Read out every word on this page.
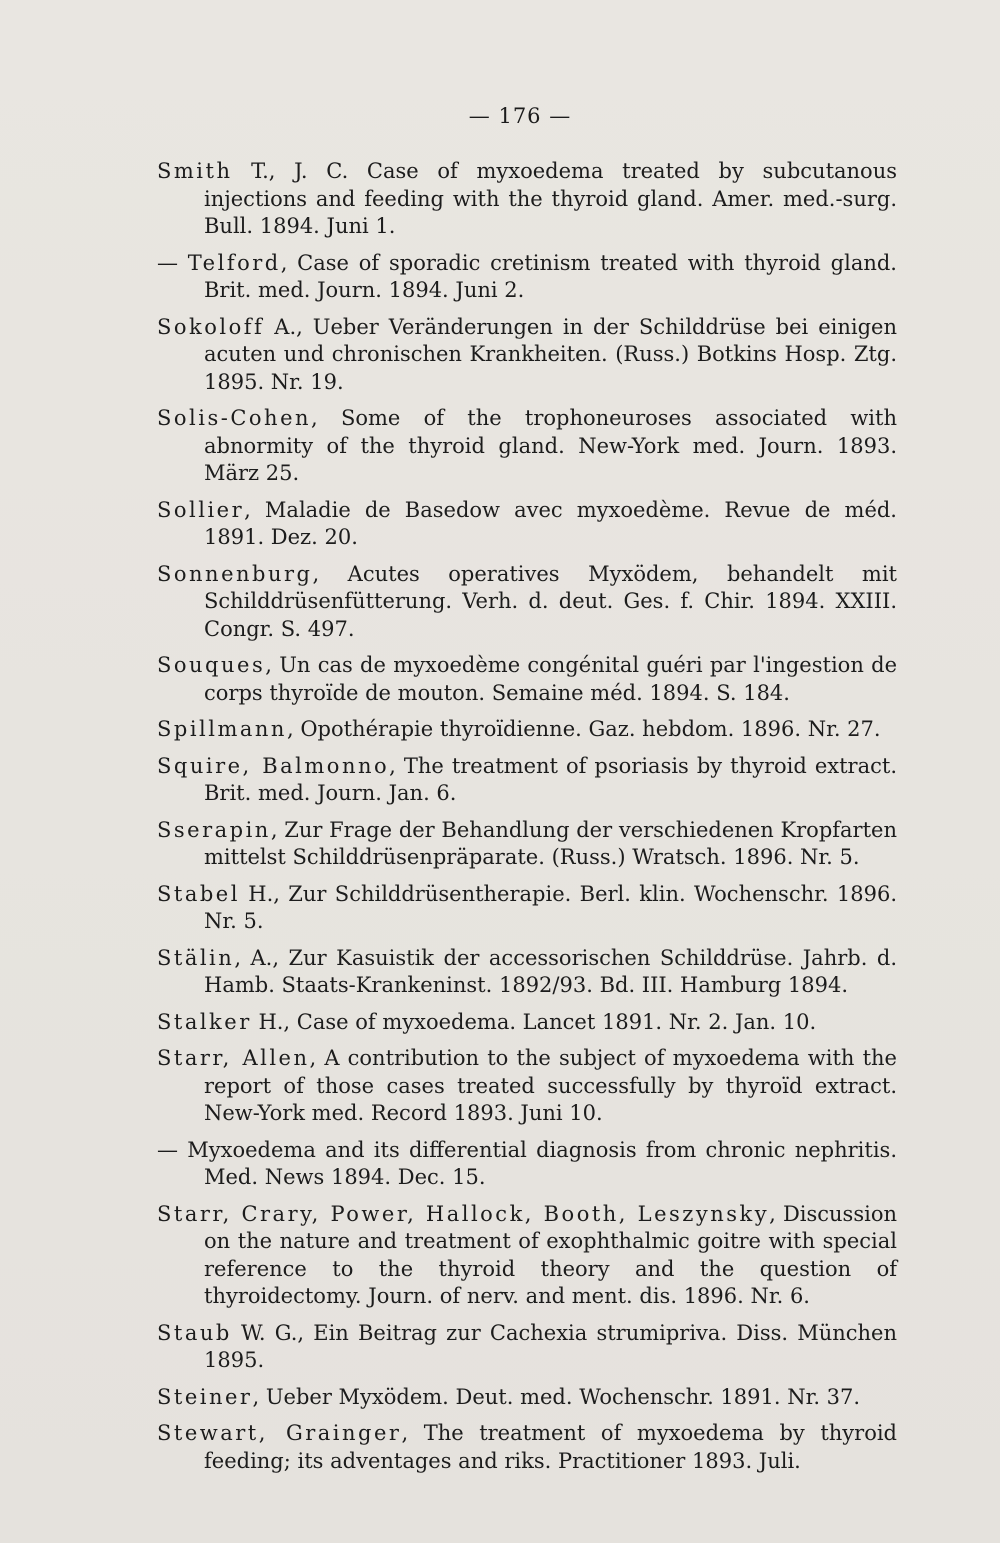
— 176 —

Smith T., J. C. Case of myxoedema treated by subcutanous injections and feeding with the thyroid gland. Amer. med.-surg. Bull. 1894. Juni 1.

— Telford, Case of sporadic cretinism treated with thyroid gland. Brit. med. Journ. 1894. Juni 2.

Sokoloff A., Ueber Veränderungen in der Schilddrüse bei einigen acuten und chronischen Krankheiten. (Russ.) Botkins Hosp. Ztg. 1895. Nr. 19.

Solis-Cohen, Some of the trophoneuroses associated with abnormity of the thyroid gland. New-York med. Journ. 1893. März 25.

Sollier, Maladie de Basedow avec myxoedème. Revue de méd. 1891. Dez. 20.

Sonnenburg, Acutes operatives Myxödem, behandelt mit Schilddrüsenfütterung. Verh. d. deut. Ges. f. Chir. 1894. XXIII. Congr. S. 497.

Souques, Un cas de myxoedème congénital guéri par l'ingestion de corps thyroïde de mouton. Semaine méd. 1894. S. 184.

Spillmann, Opothérapie thyroïdienne. Gaz. hebdom. 1896. Nr. 27.

Squire, Balmonno, The treatment of psoriasis by thyroid extract. Brit. med. Journ. Jan. 6.

Sserapin, Zur Frage der Behandlung der verschiedenen Kropfarten mittelst Schilddrüsenpräparate. (Russ.) Wratsch. 1896. Nr. 5.

Stabel H., Zur Schilddrüsentherapie. Berl. klin. Wochenschr. 1896. Nr. 5.

Stälin, A., Zur Kasuistik der accessorischen Schilddrüse. Jahrb. d. Hamb. Staats-Krankeninst. 1892/93. Bd. III. Hamburg 1894.

Stalker H., Case of myxoedema. Lancet 1891. Nr. 2. Jan. 10.

Starr, Allen, A contribution to the subject of myxoedema with the report of those cases treated successfully by thyroïd extract. New-York med. Record 1893. Juni 10.

— Myxoedema and its differential diagnosis from chronic nephritis. Med. News 1894. Dec. 15.

Starr, Crary, Power, Hallock, Booth, Leszynsky, Discussion on the nature and treatment of exophthalmic goitre with special reference to the thyroid theory and the question of thyroidectomy. Journ. of nerv. and ment. dis. 1896. Nr. 6.

Staub W. G., Ein Beitrag zur Cachexia strumipriva. Diss. München 1895.

Steiner, Ueber Myxödem. Deut. med. Wochenschr. 1891. Nr. 37.

Stewart, Grainger, The treatment of myxoedema by thyroid feeding; its adventages and riks. Practitioner 1893. Juli.
